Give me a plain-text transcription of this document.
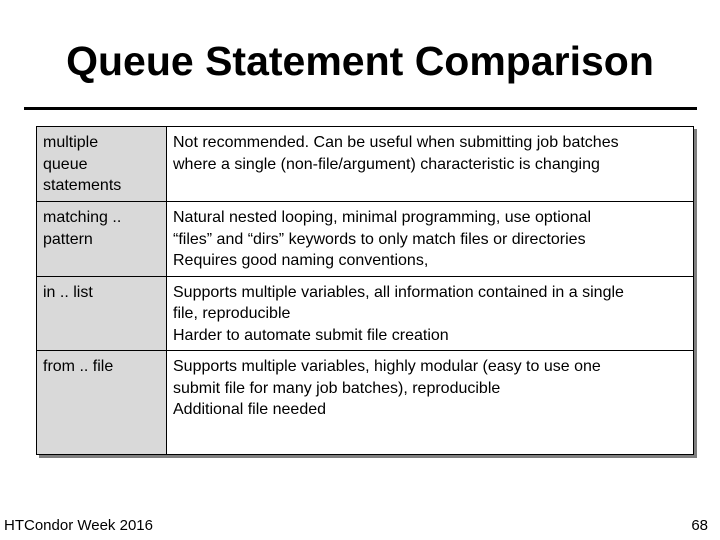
Queue Statement Comparison
multiple
queue
statements	Not recommended. Can be useful when submitting job batches
where a single (non-file/argument) characteristic is changing

matching ..
pattern	Natural nested looping, minimal programming, use optional
“files” and “dirs” keywords to only match files or directories
Requires good naming conventions,

in .. list	Supports multiple variables, all information contained in a single
file, reproducible
Harder to automate submit file creation

from .. file	Supports multiple variables, highly modular (easy to use one
submit file for many job batches), reproducible
Additional file needed
HTCondor Week 2016	68
